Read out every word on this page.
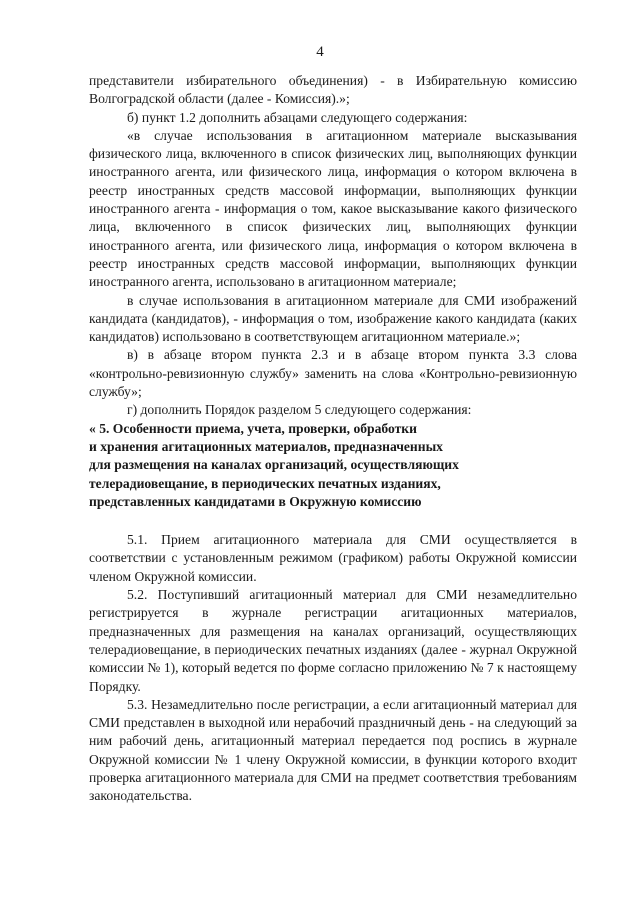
4

представители избирательного объединения) - в Избирательную комиссию Волгоградской области (далее - Комиссия).»;

б) пункт 1.2 дополнить абзацами следующего содержания:

«в случае использования в агитационном материале высказывания физического лица, включенного в список физических лиц, выполняющих функции иностранного агента, или физического лица, информация о котором включена в реестр иностранных средств массовой информации, выполняющих функции иностранного агента - информация о том, какое высказывание какого физического лица, включенного в список физических лиц, выполняющих функции иностранного агента, или физического лица, информация о котором включена в реестр иностранных средств массовой информации, выполняющих функции иностранного агента, использовано в агитационном материале;

в случае использования в агитационном материале для СМИ изображений кандидата (кандидатов), - информация о том, изображение какого кандидата (каких кандидатов) использовано в соответствующем агитационном материале.»;

в) в абзаце втором пункта 2.3 и в абзаце втором пункта 3.3 слова «контрольно-ревизионную службу» заменить на слова «Контрольно-ревизионную службу»;

г) дополнить Порядок разделом 5 следующего содержания:

« 5. Особенности приема, учета, проверки, обработки

и хранения агитационных материалов, предназначенных

для размещения на каналах организаций, осуществляющих

телерадиовещание, в периодических печатных изданиях,

представленных кандидатами в Окружную комиссию

5.1. Прием агитационного материала для СМИ осуществляется в соответствии с установленным режимом (графиком) работы Окружной комиссии членом Окружной комиссии.

5.2. Поступивший агитационный материал для СМИ незамедлительно регистрируется в журнале регистрации агитационных материалов, предназначенных для размещения на каналах организаций, осуществляющих телерадиовещание, в периодических печатных изданиях (далее - журнал Окружной комиссии № 1), который ведется по форме согласно приложению № 7 к настоящему Порядку.

5.3. Незамедлительно после регистрации, а если агитационный материал для СМИ представлен в выходной или нерабочий праздничный день - на следующий за ним рабочий день, агитационный материал передается под роспись в журнале Окружной комиссии № 1 члену Окружной комиссии, в функции которого входит проверка агитационного материала для СМИ на предмет соответствия требованиям законодательства.
